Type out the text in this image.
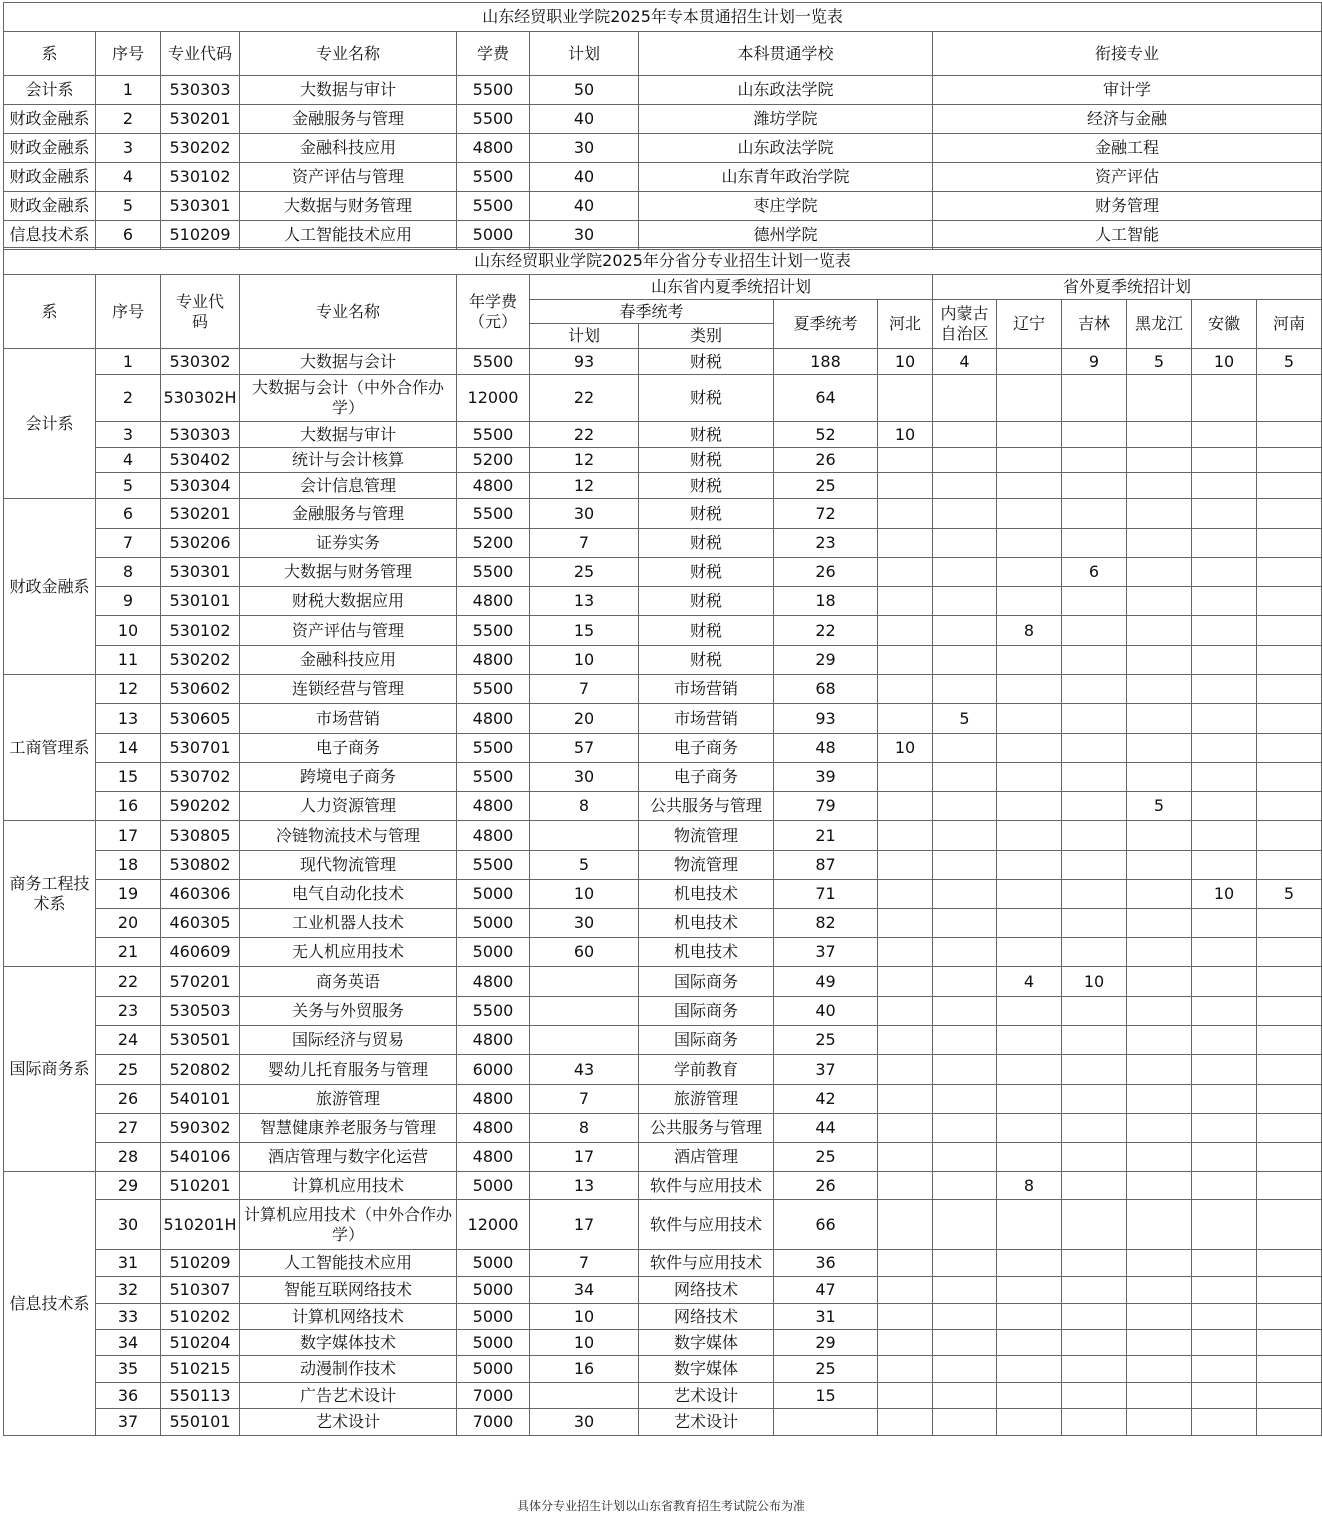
山东经贸职业学院2025年专本贯通招生计划一览表							
系	序号	专业代码	专业名称	学费	计划	本科贯通学校	衔接专业
会计系	1	530303	大数据与审计	5500	50	山东政法学院	审计学
财政金融系	2	530201	金融服务与管理	5500	40	潍坊学院	经济与金融
财政金融系	3	530202	金融科技应用	4800	30	山东政法学院	金融工程
财政金融系	4	530102	资产评估与管理	5500	40	山东青年政治学院	资产评估
财政金融系	5	530301	大数据与财务管理	5500	40	枣庄学院	财务管理
信息技术系	6	510209	人工智能技术应用	5000	30	德州学院	人工智能
山东经贸职业学院2025年分省分专业招生计划一览表														
系	序号	专业代码	专业名称	年学费（元）	山东省内夏季统招计划				省外夏季统招计划					
					春季统考		夏季统考	河北	内蒙古自治区	辽宁	吉林	黑龙江	安徽	河南
					计划	类别								
会计系	1	530302	大数据与会计	5500	93	财税	188	10	4		9	5	10	5
	2	530302H	大数据与会计（中外合作办学）	12000	22	财税	64							
	3	530303	大数据与审计	5500	22	财税	52	10						
	4	530402	统计与会计核算	5200	12	财税	26							
	5	530304	会计信息管理	4800	12	财税	25							
财政金融系	6	530201	金融服务与管理	5500	30	财税	72							
	7	530206	证券实务	5200	7	财税	23							
	8	530301	大数据与财务管理	5500	25	财税	26				6			
	9	530101	财税大数据应用	4800	13	财税	18							
	10	530102	资产评估与管理	5500	15	财税	22			8				
	11	530202	金融科技应用	4800	10	财税	29							
工商管理系	12	530602	连锁经营与管理	5500	7	市场营销	68							
	13	530605	市场营销	4800	20	市场营销	93		5					
	14	530701	电子商务	5500	57	电子商务	48	10						
	15	530702	跨境电子商务	5500	30	电子商务	39							
	16	590202	人力资源管理	4800	8	公共服务与管理	79					5		
商务工程技术系	17	530805	冷链物流技术与管理	4800		物流管理	21							
	18	530802	现代物流管理	5500	5	物流管理	87							
	19	460306	电气自动化技术	5000	10	机电技术	71						10	5
	20	460305	工业机器人技术	5000	30	机电技术	82							
	21	460609	无人机应用技术	5000	60	机电技术	37							
国际商务系	22	570201	商务英语	4800		国际商务	49			4	10			
	23	530503	关务与外贸服务	5500		国际商务	40							
	24	530501	国际经济与贸易	4800		国际商务	25							
	25	520802	婴幼儿托育服务与管理	6000	43	学前教育	37							
	26	540101	旅游管理	4800	7	旅游管理	42							
	27	590302	智慧健康养老服务与管理	4800	8	公共服务与管理	44							
	28	540106	酒店管理与数字化运营	4800	17	酒店管理	25							
信息技术系	29	510201	计算机应用技术	5000	13	软件与应用技术	26			8				
	30	510201H	计算机应用技术（中外合作办学）	12000	17	软件与应用技术	66							
	31	510209	人工智能技术应用	5000	7	软件与应用技术	36							
	32	510307	智能互联网络技术	5000	34	网络技术	47							
	33	510202	计算机网络技术	5000	10	网络技术	31							
	34	510204	数字媒体技术	5000	10	数字媒体	29							
	35	510215	动漫制作技术	5000	16	数字媒体	25							
	36	550113	广告艺术设计	7000		艺术设计	15							
	37	550101	艺术设计	7000	30	艺术设计								
具体分专业招生计划以山东省教育招生考试院公布为准
